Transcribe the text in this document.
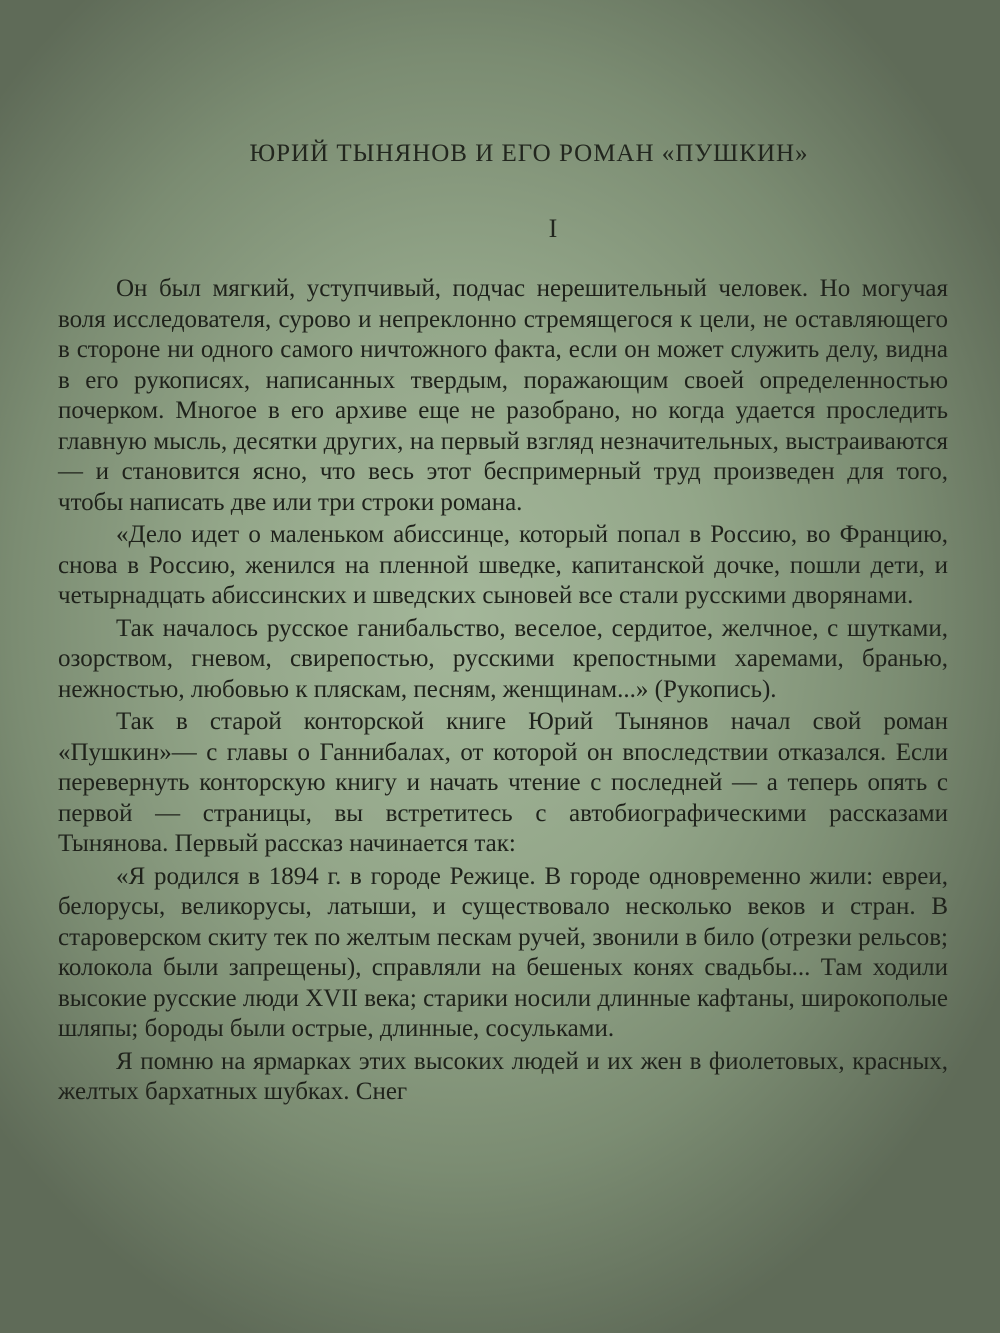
ЮРИЙ ТЫНЯНОВ И ЕГО РОМАН «ПУШКИН»
I

Он был мягкий, уступчивый, подчас нерешительный человек. Но могучая воля исследователя, сурово и непреклонно стремящегося к цели, не оставляющего в стороне ни одного самого ничтожного факта, если он может служить делу, видна в его рукописях, написанных твердым, поражающим своей определенностью почерком. Многое в его архиве еще не разобрано, но когда удается проследить главную мысль, десятки других, на первый взгляд незначительных, выстраиваются — и становится ясно, что весь этот беспримерный труд произведен для того, чтобы написать две или три строки романа.

«Дело идет о маленьком абиссинце, который попал в Россию, во Францию, снова в Россию, женился на пленной шведке, капитанской дочке, пошли дети, и четырнадцать абиссинских и шведских сыновей все стали русскими дворянами.

Так началось русское ганибальство, веселое, сердитое, желчное, с шутками, озорством, гневом, свирепостью, русскими крепостными харемами, бранью, нежностью, любовью к пляскам, песням, женщинам...» (Рукопись).

Так в старой конторской книге Юрий Тынянов начал свой роман «Пушкин»— с главы о Ганнибалах, от которой он впоследствии отказался. Если перевернуть конторскую книгу и начать чтение с последней — а теперь опять с первой — страницы, вы встретитесь с автобиографическими рассказами Тынянова. Первый рассказ начинается так:

«Я родился в 1894 г. в городе Режице. В городе одновременно жили: евреи, белорусы, великорусы, латыши, и существовало несколько веков и стран. В староверском скиту тек по желтым пескам ручей, звонили в било (отрезки рельсов; колокола были запрещены), справляли на бешеных конях свадьбы... Там ходили высокие русские люди XVII века; старики носили длинные кафтаны, широкополые шляпы; бороды были острые, длинные, сосульками.

Я помню на ярмарках этих высоких людей и их жен в фиолетовых, красных, желтых бархатных шубках. Снег
